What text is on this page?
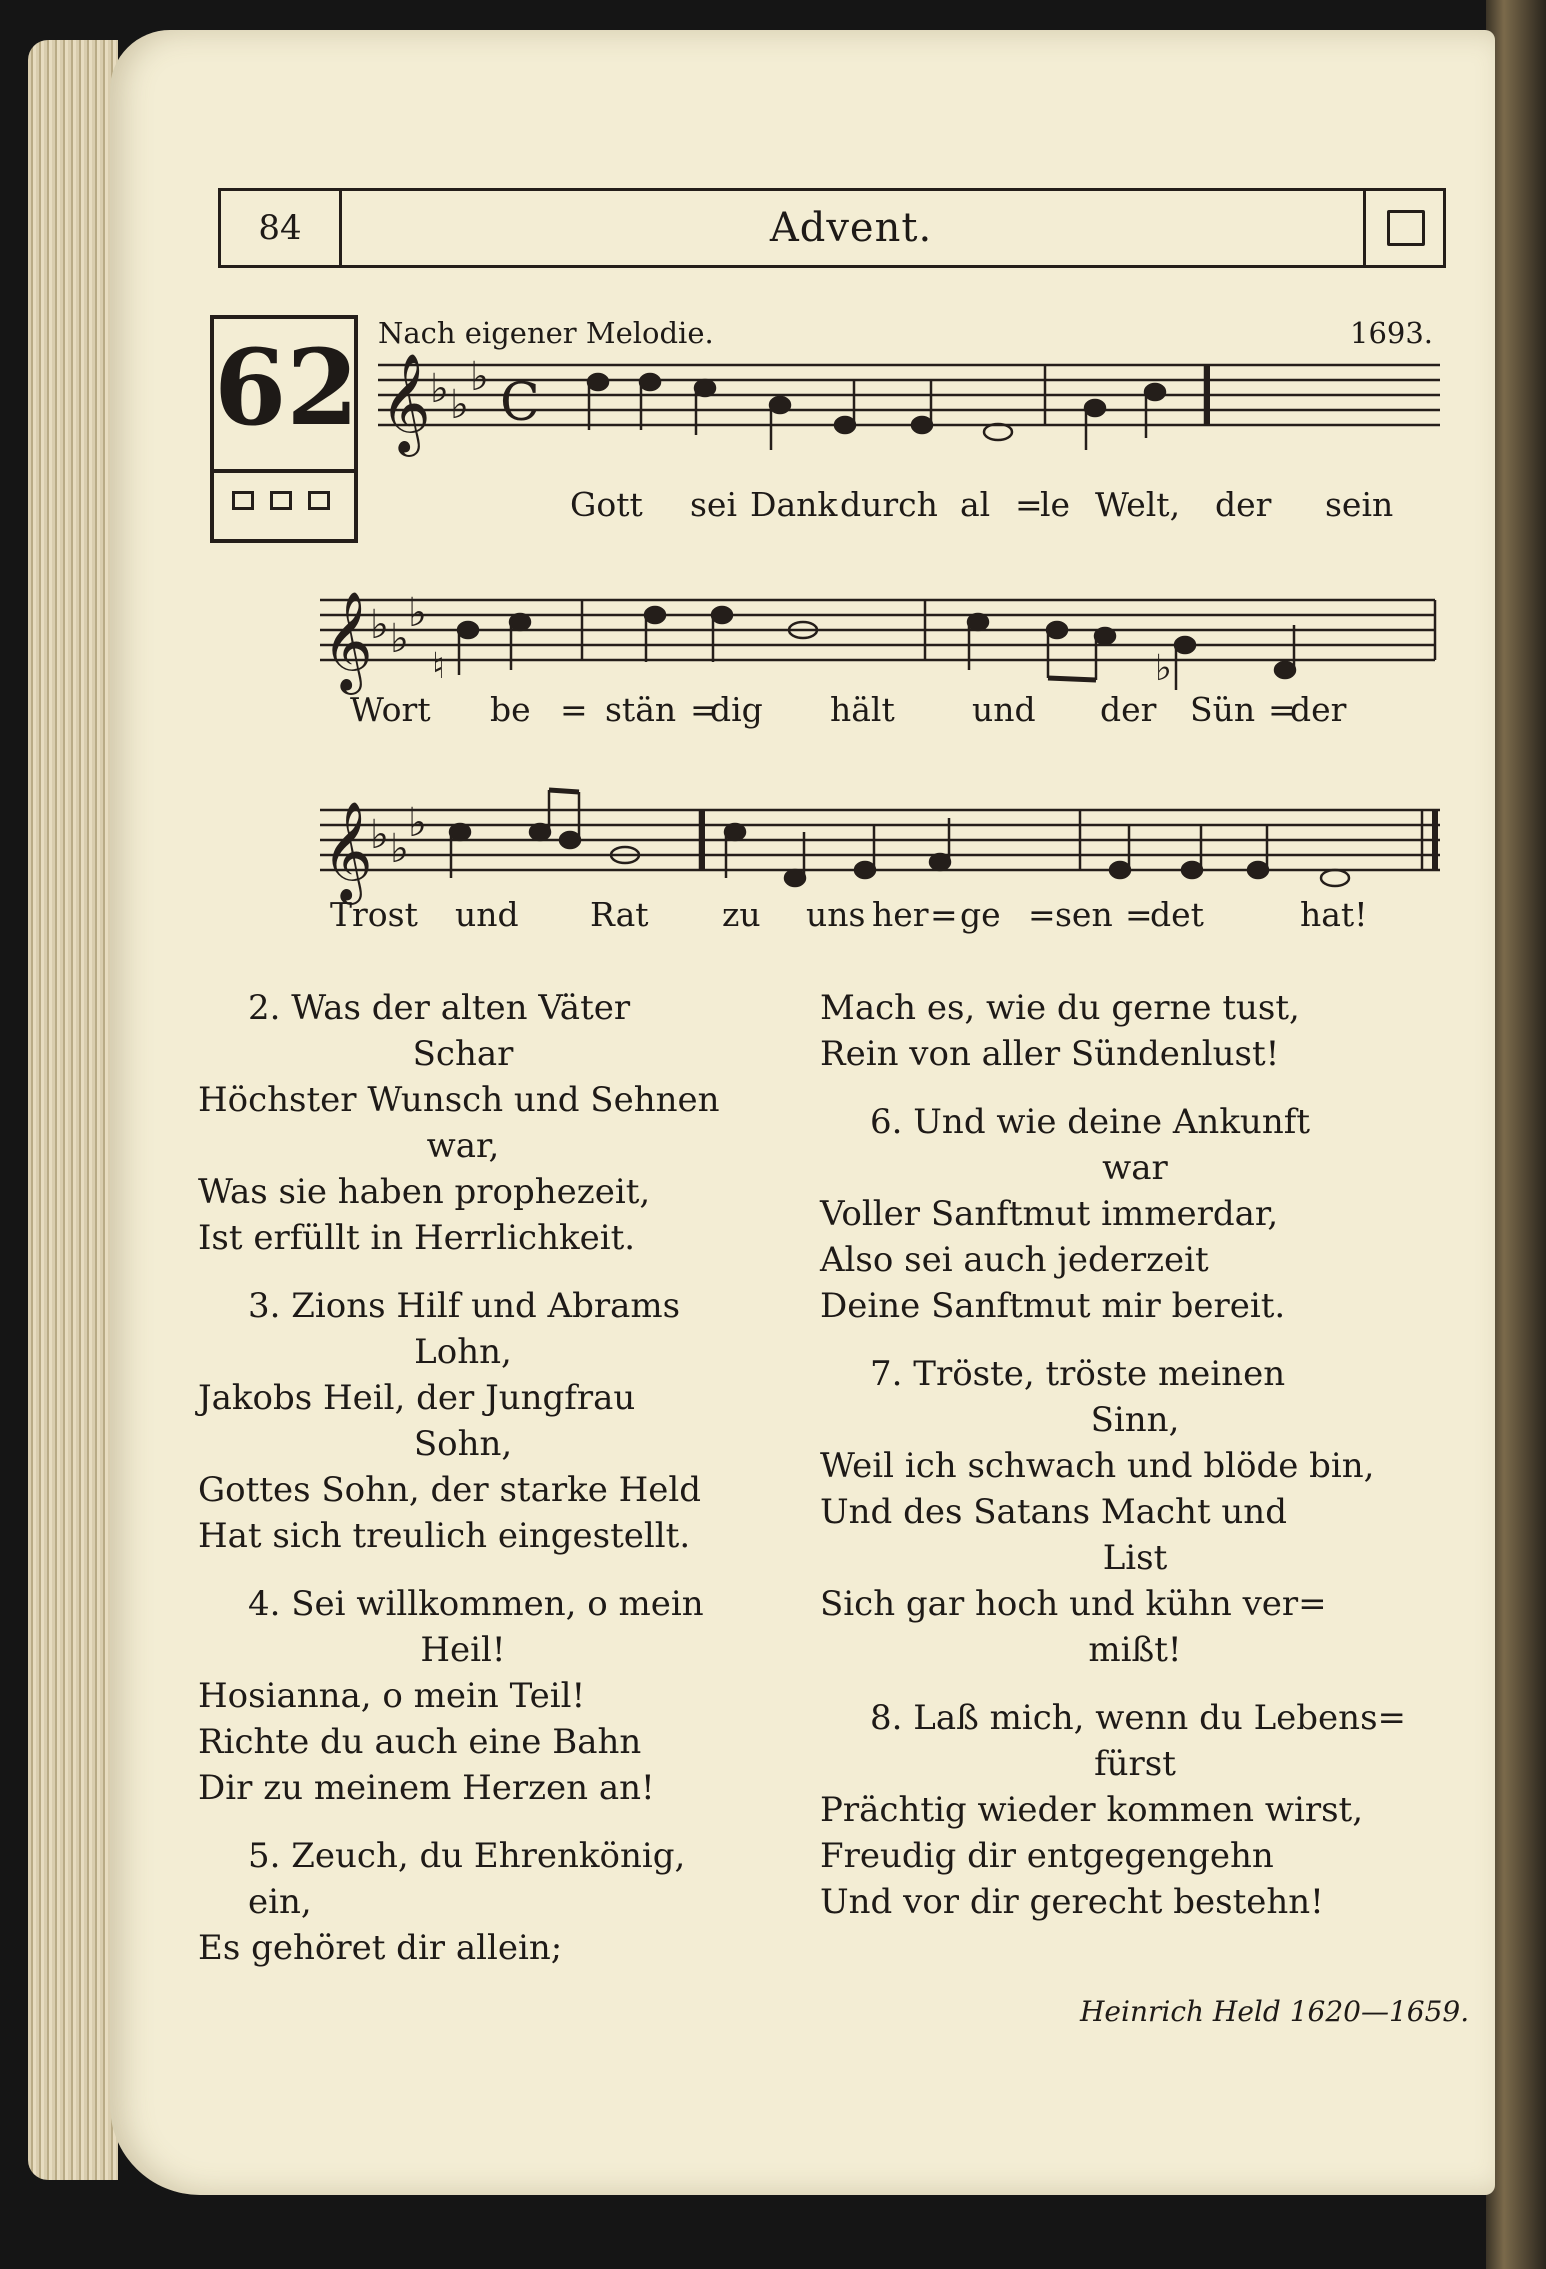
84	Advent.
62 Nach eigener Melodie.	1693.
𝄞 ♭ ♭
♭ C
𝄞
♭ ♭
♭
♮	♭
𝄞
♭ ♭
♭
Gott sei Dank durch al =
le Welt, der sein
Wort be = stän =
dig hält und der Sün =
der
Trost und Rat zu uns her = ge = sen =
det	hat!
2. Was der alten Väter
Schar
Höchster Wunsch und Sehnen
war,
Was sie haben prophezeit,
Ist erfüllt in Herrlichkeit.
3. Zions Hilf und Abrams
Lohn,
Jakobs Heil, der Jungfrau
Sohn,
Gottes Sohn, der starke Held
Hat sich treulich eingestellt.
4. Sei willkommen, o mein
Heil!
Hosianna, o mein Teil!
Richte du auch eine Bahn
Dir zu meinem Herzen an!
5. Zeuch, du Ehrenkönig, ein,
Es gehöret dir allein;
Mach es, wie du gerne tust,
Rein von aller Sündenlust!
6. Und wie deine Ankunft
war
Voller Sanftmut immerdar,
Also sei auch jederzeit
Deine Sanftmut mir bereit.
7. Tröste, tröste meinen
Sinn,
Weil ich schwach und blöde bin,
Und des Satans Macht und
List
Sich gar hoch und kühn ver=
mißt!
8. Laß mich, wenn du Lebens=
fürst
Prächtig wieder kommen wirst,
Freudig dir entgegengehn
Und vor dir gerecht bestehn!
Heinrich Held 1620—1659.
